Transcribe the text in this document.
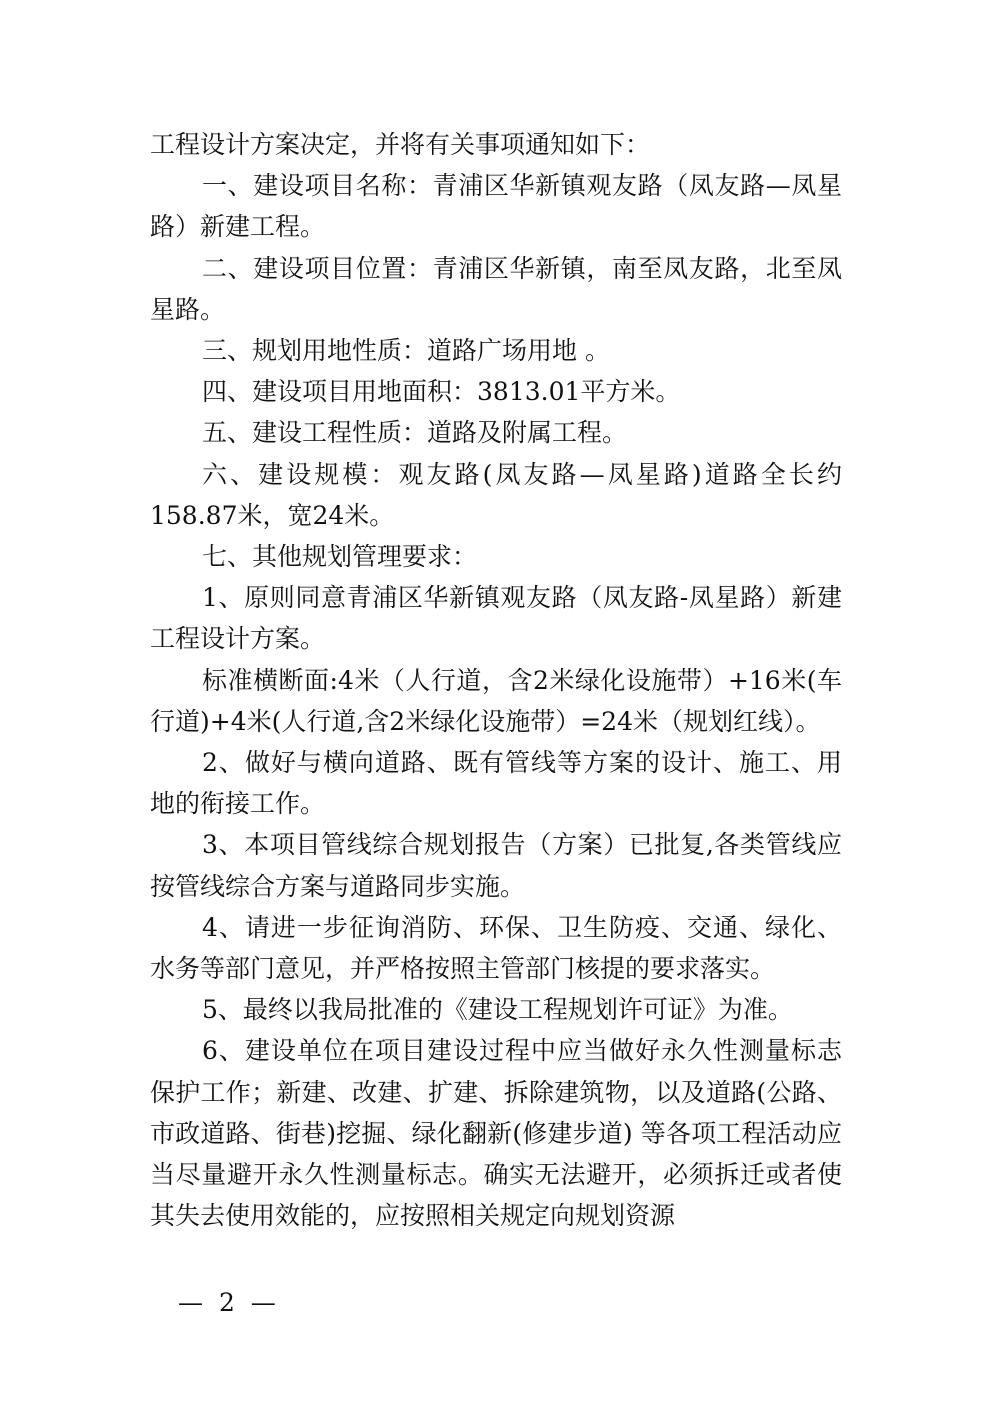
工程设计方案决定，并将有关事项通知如下：

一、建设项目名称：青浦区华新镇观友路（凤友路—凤星路）新建工程。

二、建设项目位置：青浦区华新镇，南至凤友路，北至凤星路。

三、规划用地性质：道路广场用地 。

四、建设项目用地面积：3813.01平方米。

五、建设工程性质：道路及附属工程。

六、建设规模：观友路(凤友路—凤星路)道路全长约158.87米，宽24米。

七、其他规划管理要求：

1、原则同意青浦区华新镇观友路（凤友路-凤星路）新建工程设计方案。

标准横断面:4米（人行道，含2米绿化设施带）+16米(车行道)+4米(人行道,含2米绿化设施带）=24米（规划红线）。

2、做好与横向道路、既有管线等方案的设计、施工、用地的衔接工作。

3、本项目管线综合规划报告（方案）已批复,各类管线应按管线综合方案与道路同步实施。

4、请进一步征询消防、环保、卫生防疫、交通、绿化、水务等部门意见，并严格按照主管部门核提的要求落实。

5、最终以我局批准的《建设工程规划许可证》为准。

6、建设单位在项目建设过程中应当做好永久性测量标志保护工作；新建、改建、扩建、拆除建筑物，以及道路(公路、市政道路、街巷)挖掘、绿化翻新(修建步道) 等各项工程活动应当尽量避开永久性测量标志。确实无法避开，必须拆迁或者使其失去使用效能的，应按照相关规定向规划资源

— 2 —
